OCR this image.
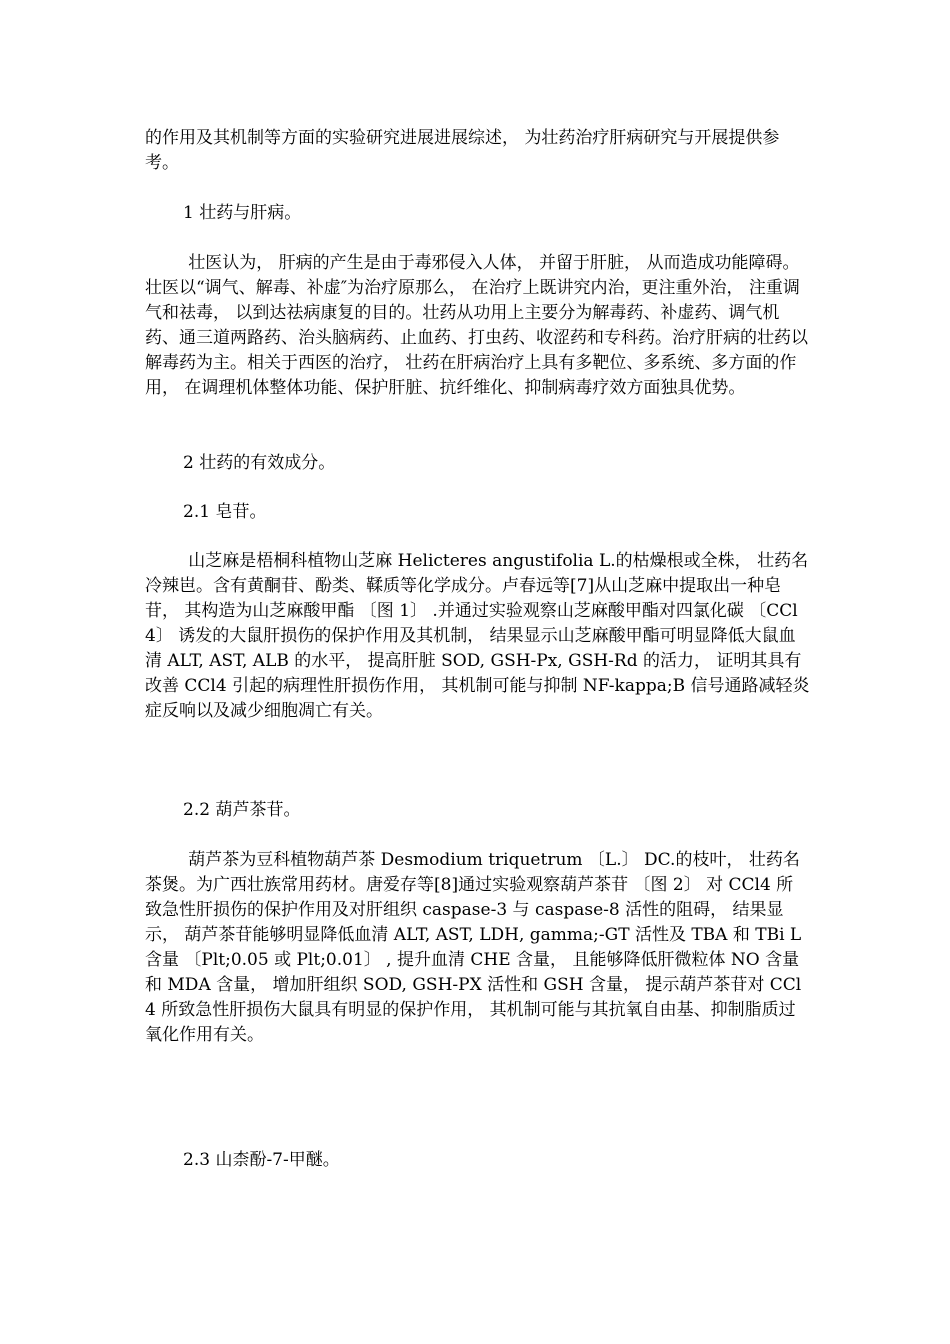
的作用及其机制等方面的实验研究进展进展综述， 为壮药治疗肝病研究与开展提供参考。

1 壮药与肝病。

壮医认为， 肝病的产生是由于毒邪侵入人体， 并留于肝脏， 从而造成功能障碍。壮医以“调气、解毒、补虚″为治疗原那么， 在治疗上既讲究内治，更注重外治， 注重调气和祛毒， 以到达祛病康复的目的。壮药从功用上主要分为解毒药、补虚药、调气机药、通三道两路药、治头脑病药、止血药、打虫药、收涩药和专科药。治疗肝病的壮药以解毒药为主。相关于西医的治疗， 壮药在肝病治疗上具有多靶位、多系统、多方面的作用， 在调理机体整体功能、保护肝脏、抗纤维化、抑制病毒疗效方面独具优势。

2 壮药的有效成分。

2.1 皂苷。

山芝麻是梧桐科植物山芝麻 Helicteres angustifolia L.的枯燥根或全株， 壮药名冷辣岜。含有黄酮苷、酚类、鞣质等化学成分。卢春远等[7]从山芝麻中提取出一种皂苷， 其构造为山芝麻酸甲酯 〔图 1〕 .并通过实验观察山芝麻酸甲酯对四氯化碳 〔CCl4〕 诱发的大鼠肝损伤的保护作用及其机制， 结果显示山芝麻酸甲酯可明显降低大鼠血清 ALT, AST, ALB 的水平， 提高肝脏 SOD, GSH-Px, GSH-Rd 的活力， 证明其具有改善 CCl4 引起的病理性肝损伤作用， 其机制可能与抑制 NF-kappa;B 信号通路减轻炎症反响以及减少细胞凋亡有关。

2.2 葫芦茶苷。

葫芦茶为豆科植物葫芦茶 Desmodium triquetrum 〔L.〕 DC.的枝叶， 壮药名茶煲。为广西壮族常用药材。唐爱存等[8]通过实验观察葫芦茶苷 〔图 2〕 对 CCl4 所致急性肝损伤的保护作用及对肝组织 caspase-3 与 caspase-8 活性的阻碍， 结果显示， 葫芦茶苷能够明显降低血清 ALT, AST, LDH, gamma;-GT 活性及 TBA 和 TBi L 含量 〔Plt;0.05 或 Plt;0.01〕 , 提升血清 CHE 含量， 且能够降低肝微粒体 NO 含量和 MDA 含量， 增加肝组织 SOD, GSH-PX 活性和 GSH 含量， 提示葫芦茶苷对 CCl4 所致急性肝损伤大鼠具有明显的保护作用， 其机制可能与其抗氧自由基、抑制脂质过氧化作用有关。

2.3 山柰酚-7-甲醚。
